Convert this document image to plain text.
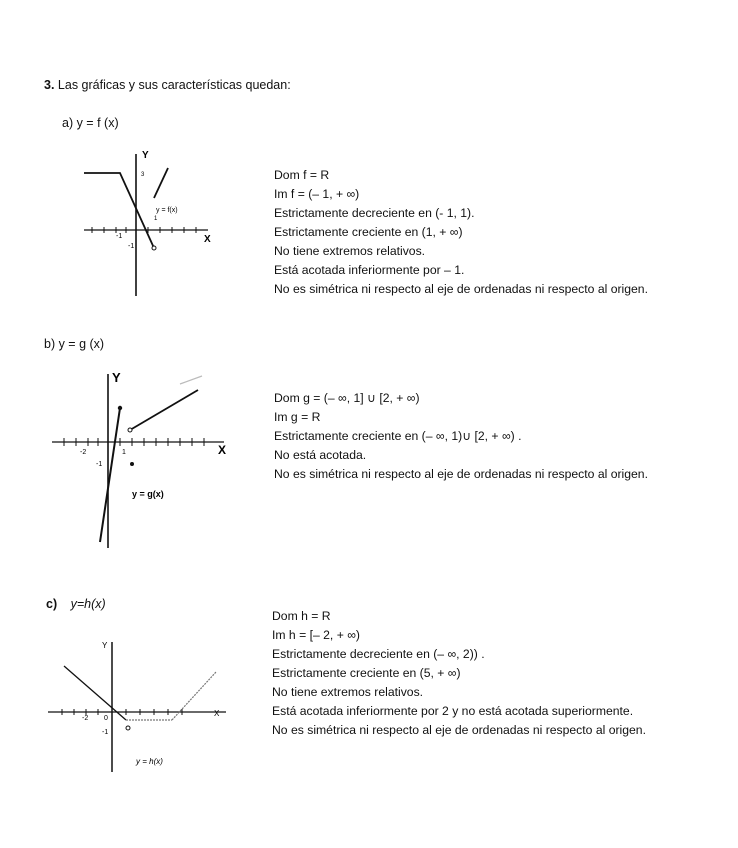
3. Las gráficas y sus características quedan:
a) y = f (x)
Y
X
y = f(x)
3
1
-1
-1
Dom f = R
Im f = (– 1, + ∞)
Estrictamente decreciente en (- 1, 1).
Estrictamente creciente en (1, + ∞)
No tiene extremos relativos.
Está acotada inferiormente por – 1.
No es simétrica ni respecto al eje de ordenadas ni respecto al origen.
b) y = g (x)
Y
X
y = g(x)
-2	1
-1
Dom g = (– ∞, 1] ∪ [2, + ∞)
Im g = R
Estrictamente creciente en (– ∞, 1)∪ [2, + ∞) .
No está acotada.
No es simétrica ni respecto al eje de ordenadas ni respecto al origen.
c) y=h(x)
Y
X
y = h(x)
-2 0
-1
Dom h = R
Im h = [– 2, + ∞)
Estrictamente decreciente en (– ∞, 2)) .
Estrictamente creciente en (5, + ∞)
No tiene extremos relativos.
Está acotada inferiormente por 2 y no está acotada superiormente.
No es simétrica ni respecto al eje de ordenadas ni respecto al origen.
